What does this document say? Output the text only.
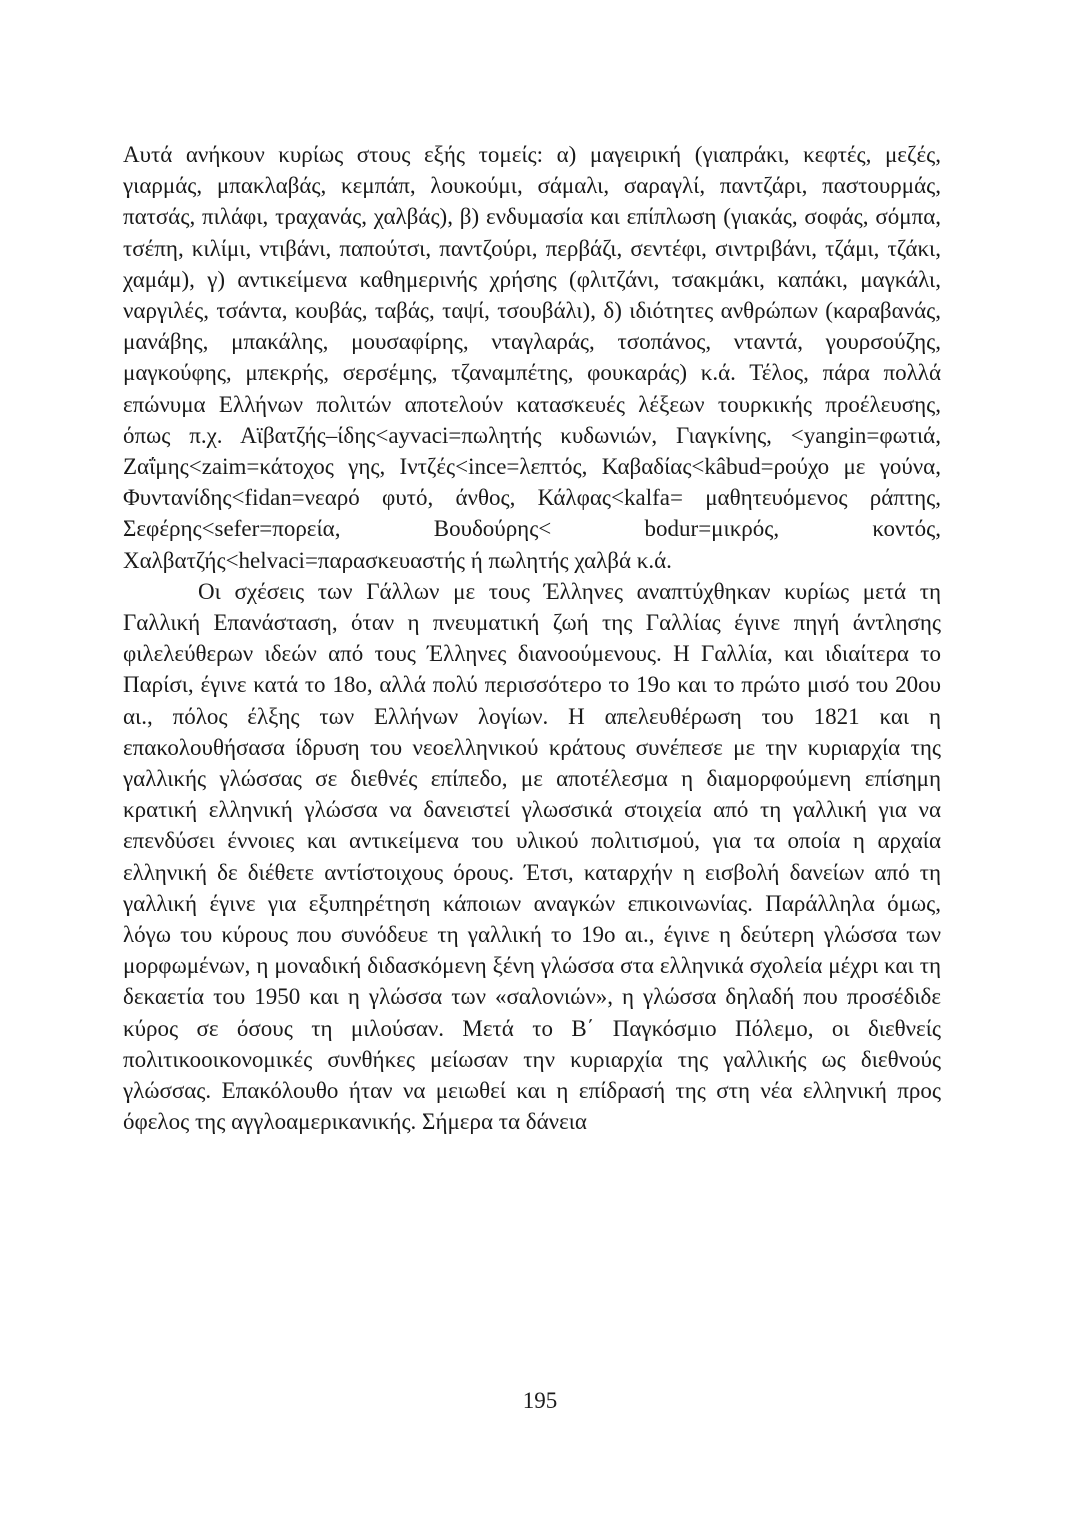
Αυτά ανήκουν κυρίως στους εξής τομείς: α) μαγειρική (γιαπράκι, κεφτές, μεζές, γιαρμάς, μπακλαβάς, κεμπάπ, λουκούμι, σάμαλι, σαραγλί, παντζάρι, παστουρμάς, πατσάς, πιλάφι, τραχανάς, χαλβάς), β) ενδυμασία και επίπλωση (γιακάς, σοφάς, σόμπα, τσέπη, κιλίμι, ντιβάνι, παπούτσι, παντζούρι, περβάζι, σεντέφι, σιντριβάνι, τζάμι, τζάκι, χαμάμ), γ) αντικείμενα καθημερινής χρήσης (φλιτζάνι, τσακμάκι, καπάκι, μαγκάλι, ναργιλές, τσάντα, κουβάς, ταβάς, ταψί, τσουβάλι), δ) ιδιότητες ανθρώπων (καραβανάς, μανάβης, μπακάλης, μουσαφίρης, νταγλαράς, τσοπάνος, νταντά, γουρσούζης, μαγκούφης, μπεκρής, σερσέμης, τζαναμπέτης, φουκαράς) κ.ά. Τέλος, πάρα πολλά επώνυμα Ελλήνων πολιτών αποτελούν κατασκευές λέξεων τουρκικής προέλευσης, όπως π.χ. Αϊβατζής–ίδης<ayvaci=πωλητής κυδωνιών, Γιαγκίνης, <yangin=φωτιά, Ζαΐμης<zaim=κάτοχος γης, Ιντζές<ince=λεπτός, Καβαδίας<kâbud=ρούχο με γούνα, Φυντανίδης<fidan=νεαρό φυτό, άνθος, Κάλφας<kalfa= μαθητευόμενος ράπτης, Σεφέρης<sefer=πορεία, Βουδούρης< bodur=μικρός, κοντός, Χαλβατζής<helvaci=παρασκευαστής ή πωλητής χαλβά κ.ά.

Οι σχέσεις των Γάλλων με τους Έλληνες αναπτύχθηκαν κυρίως μετά τη Γαλλική Επανάσταση, όταν η πνευματική ζωή της Γαλλίας έγινε πηγή άντλησης φιλελεύθερων ιδεών από τους Έλληνες διανοούμενους. Η Γαλλία, και ιδιαίτερα το Παρίσι, έγινε κατά το 18ο, αλλά πολύ περισσότερο το 19ο και το πρώτο μισό του 20ου αι., πόλος έλξης των Ελλήνων λογίων. Η απελευθέρωση του 1821 και η επακολουθήσασα ίδρυση του νεοελληνικού κράτους συνέπεσε με την κυριαρχία της γαλλικής γλώσσας σε διεθνές επίπεδο, με αποτέλεσμα η διαμορφούμενη επίσημη κρατική ελληνική γλώσσα να δανειστεί γλωσσικά στοιχεία από τη γαλλική για να επενδύσει έννοιες και αντικείμενα του υλικού πολιτισμού, για τα οποία η αρχαία ελληνική δε διέθετε αντίστοιχους όρους. Έτσι, καταρχήν η εισβολή δανείων από τη γαλλική έγινε για εξυπηρέτηση κάποιων αναγκών επικοινωνίας. Παράλληλα όμως, λόγω του κύρους που συνόδευε τη γαλλική το 19ο αι., έγινε η δεύτερη γλώσσα των μορφωμένων, η μοναδική διδασκόμενη ξένη γλώσσα στα ελληνικά σχολεία μέχρι και τη δεκαετία του 1950 και η γλώσσα των «σαλονιών», η γλώσσα δηλαδή που προσέδιδε κύρος σε όσους τη μιλούσαν. Μετά το Β΄ Παγκόσμιο Πόλεμο, οι διεθνείς πολιτικοοικονομικές συνθήκες μείωσαν την κυριαρχία της γαλλικής ως διεθνούς γλώσσας. Επακόλουθο ήταν να μειωθεί και η επίδρασή της στη νέα ελληνική προς όφελος της αγγλοαμερικανικής. Σήμερα τα δάνεια

195
